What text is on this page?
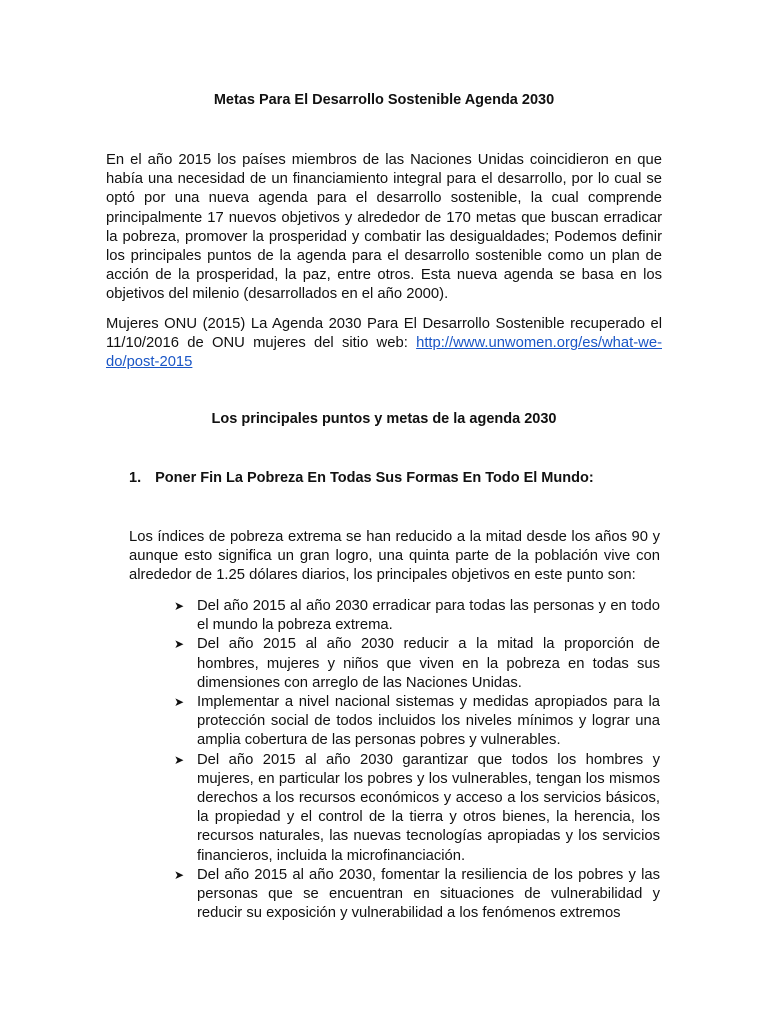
Metas Para El Desarrollo Sostenible Agenda 2030
En el año 2015 los países miembros de las Naciones Unidas coincidieron en que había una necesidad de un financiamiento integral para el desarrollo, por lo cual se optó por una nueva agenda para el desarrollo sostenible, la cual comprende principalmente 17 nuevos objetivos y alrededor de 170 metas que buscan erradicar la pobreza, promover la prosperidad y combatir las desigualdades; Podemos definir los principales puntos de la agenda para el desarrollo sostenible como un plan de acción de la prosperidad, la paz, entre otros. Esta nueva agenda se basa en los objetivos del milenio (desarrollados en el año 2000).
Mujeres ONU (2015) La Agenda 2030 Para El Desarrollo Sostenible recuperado el 11/10/2016 de ONU mujeres del sitio web: http://www.unwomen.org/es/what-we-do/post-2015
Los principales puntos y metas de la agenda 2030
1. Poner Fin La Pobreza En Todas Sus Formas En Todo El Mundo:
Los índices de pobreza extrema se han reducido a la mitad desde los años 90 y aunque esto significa un gran logro, una quinta parte de la población vive con alrededor de 1.25 dólares diarios, los principales objetivos en este punto son:
➤ Del año 2015 al año 2030 erradicar para todas las personas y en todo el mundo la pobreza extrema.
➤ Del año 2015 al año 2030 reducir a la mitad la proporción de hombres, mujeres y niños que viven en la pobreza en todas sus dimensiones con arreglo de las Naciones Unidas.
➤ Implementar a nivel nacional sistemas y medidas apropiados para la protección social de todos incluidos los niveles mínimos y lograr una amplia cobertura de las personas pobres y vulnerables.
➤ Del año 2015 al año 2030 garantizar que todos los hombres y mujeres, en particular los pobres y los vulnerables, tengan los mismos derechos a los recursos económicos y acceso a los servicios básicos, la propiedad y el control de la tierra y otros bienes, la herencia, los recursos naturales, las nuevas tecnologías apropiadas y los servicios financieros, incluida la microfinanciación.
➤ Del año 2015 al año 2030, fomentar la resiliencia de los pobres y las personas que se encuentran en situaciones de vulnerabilidad y reducir su exposición y vulnerabilidad a los fenómenos extremos
